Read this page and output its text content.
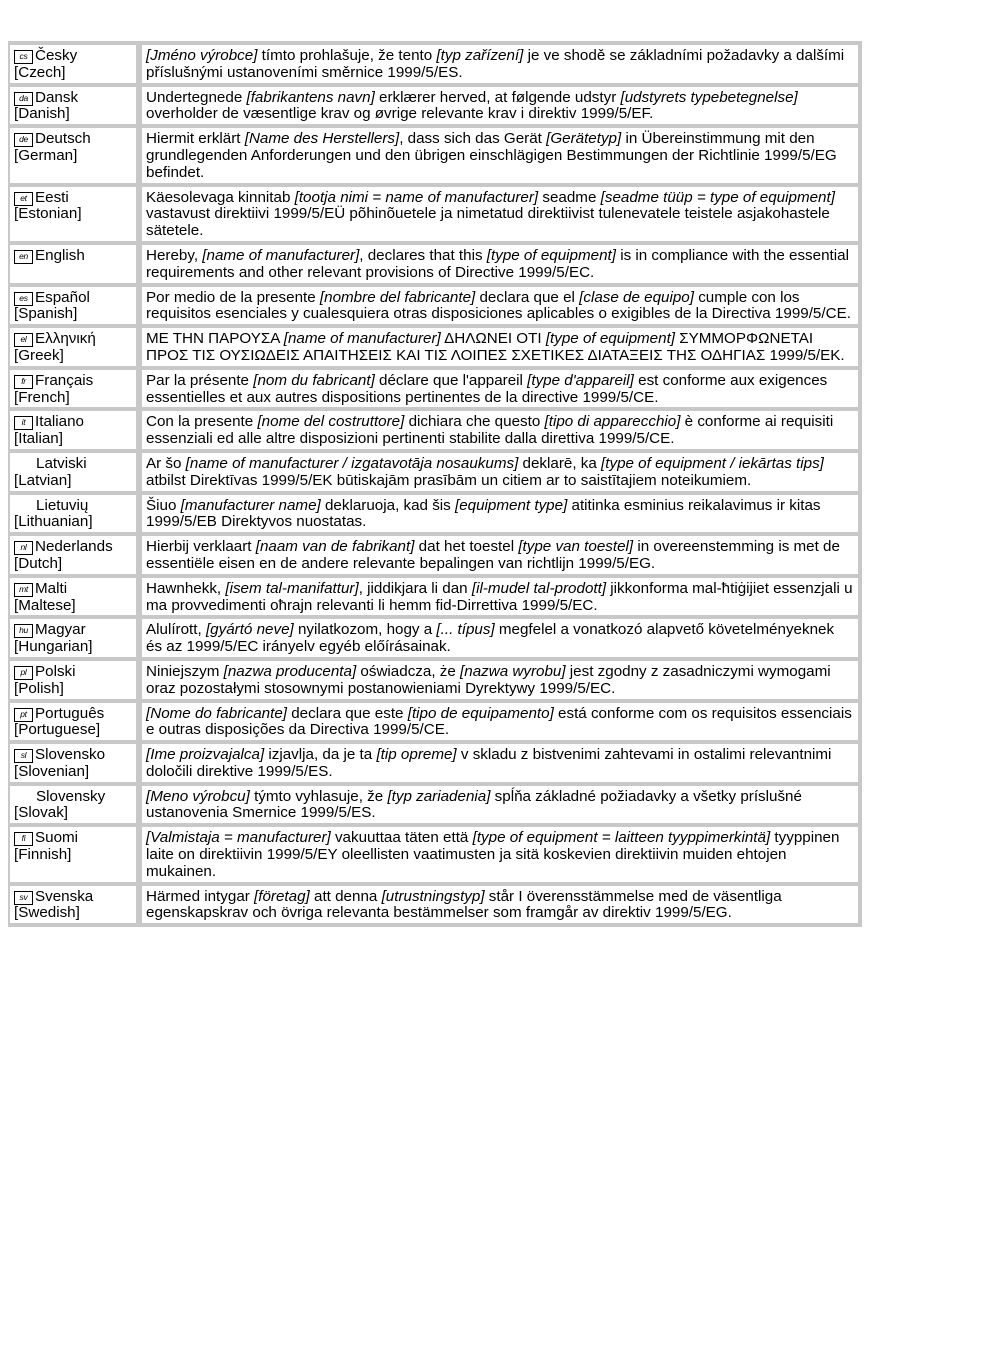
cs Česky
[Czech]	[Jméno výrobce] tímto prohlašuje, že tento [typ zařízení] je ve shodě se základními požadavky a dalšími příslušnými ustanoveními směrnice 1999/5/ES.
da Dansk
[Danish]	Undertegnede [fabrikantens navn] erklærer herved, at følgende udstyr [udstyrets typebetegnelse] overholder de væsentlige krav og øvrige relevante krav i direktiv 1999/5/EF.
de Deutsch
[German]	Hiermit erklärt [Name des Herstellers], dass sich das Gerät [Gerätetyp] in Übereinstimmung mit den grundlegenden Anforderungen und den übrigen einschlägigen Bestimmungen der Richtlinie 1999/5/EG befindet.
et Eesti
[Estonian]	Käesolevaga kinnitab [tootja nimi = name of manufacturer] seadme [seadme tüüp = type of equipment] vastavust direktiivi 1999/5/EÜ põhinõuetele ja nimetatud direktiivist tulenevatele teistele asjakohastele sätetele.
en English	Hereby, [name of manufacturer], declares that this [type of equipment] is in compliance with the essential requirements and other relevant provisions of Directive 1999/5/EC.
es Español
[Spanish]	Por medio de la presente [nombre del fabricante] declara que el [clase de equipo] cumple con los requisitos esenciales y cualesquiera otras disposiciones aplicables o exigibles de la Directiva 1999/5/CE.
el Ελληνική
[Greek]	ΜΕ ΤΗΝ ΠΑΡΟΥΣΑ [name of manufacturer] ΔΗΛΩΝΕΙ ΟΤΙ [type of equipment] ΣΥΜΜΟΡΦΩΝΕΤΑΙ ΠΡΟΣ ΤΙΣ ΟΥΣΙΩΔΕΙΣ ΑΠΑΙΤΗΣΕΙΣ ΚΑΙ ΤΙΣ ΛΟΙΠΕΣ ΣΧΕΤΙΚΕΣ ΔΙΑΤΑΞΕΙΣ ΤΗΣ ΟΔΗΓΙΑΣ 1999/5/ΕΚ.
fr Français
[French]	Par la présente [nom du fabricant] déclare que l'appareil [type d'appareil] est conforme aux exigences essentielles et aux autres dispositions pertinentes de la directive 1999/5/CE.
it Italiano
[Italian]	Con la presente [nome del costruttore] dichiara che questo [tipo di apparecchio] è conforme ai requisiti essenziali ed alle altre disposizioni pertinenti stabilite dalla direttiva 1999/5/CE.
Latviski
[Latvian]	Ar šo [name of manufacturer / izgatavotāja nosaukums] deklarē, ka [type of equipment / iekārtas tips] atbilst Direktīvas 1999/5/EK būtiskajām prasībām un citiem ar to saistītajiem noteikumiem.
Lietuvių
[Lithuanian]	Šiuo [manufacturer name] deklaruoja, kad šis [equipment type] atitinka esminius reikalavimus ir kitas 1999/5/EB Direktyvos nuostatas.
nl Nederlands
[Dutch]	Hierbij verklaart [naam van de fabrikant] dat het toestel [type van toestel] in overeenstemming is met de essentiële eisen en de andere relevante bepalingen van richtlijn 1999/5/EG.
mt Malti
[Maltese]	Hawnhekk, [isem tal-manifattur], jiddikjara li dan [il-mudel tal-prodott] jikkonforma mal-ħtiġijiet essenzjali u ma provvedimenti oħrajn relevanti li hemm fid-Dirrettiva 1999/5/EC.
hu Magyar
[Hungarian]	Alulírott, [gyártó neve] nyilatkozom, hogy a [... típus] megfelel a vonatkozó alapvető követelményeknek és az 1999/5/EC irányelv egyéb előírásainak.
pl Polski
[Polish]	Niniejszym [nazwa producenta] oświadcza, że [nazwa wyrobu] jest zgodny z zasadniczymi wymogami oraz pozostałymi stosownymi postanowieniami Dyrektywy 1999/5/EC.
pt Português
[Portuguese]	[Nome do fabricante] declara que este [tipo de equipamento] está conforme com os requisitos essenciais e outras disposições da Directiva 1999/5/CE.
sl Slovensko
[Slovenian]	[Ime proizvajalca] izjavlja, da je ta [tip opreme] v skladu z bistvenimi zahtevami in ostalimi relevantnimi določili direktive 1999/5/ES.
Slovensky
[Slovak]	[Meno výrobcu] týmto vyhlasuje, že [typ zariadenia] spĺňa základné požiadavky a všetky príslušné ustanovenia Smernice 1999/5/ES.
fi Suomi
[Finnish]	[Valmistaja = manufacturer] vakuuttaa täten että [type of equipment = laitteen tyyppimerkintä] tyyppinen laite on direktiivin 1999/5/EY oleellisten vaatimusten ja sitä koskevien direktiivin muiden ehtojen mukainen.
sv Svenska
[Swedish]	Härmed intygar [företag] att denna [utrustningstyp] står I överensstämmelse med de väsentliga egenskapskrav och övriga relevanta bestämmelser som framgår av direktiv 1999/5/EG.
